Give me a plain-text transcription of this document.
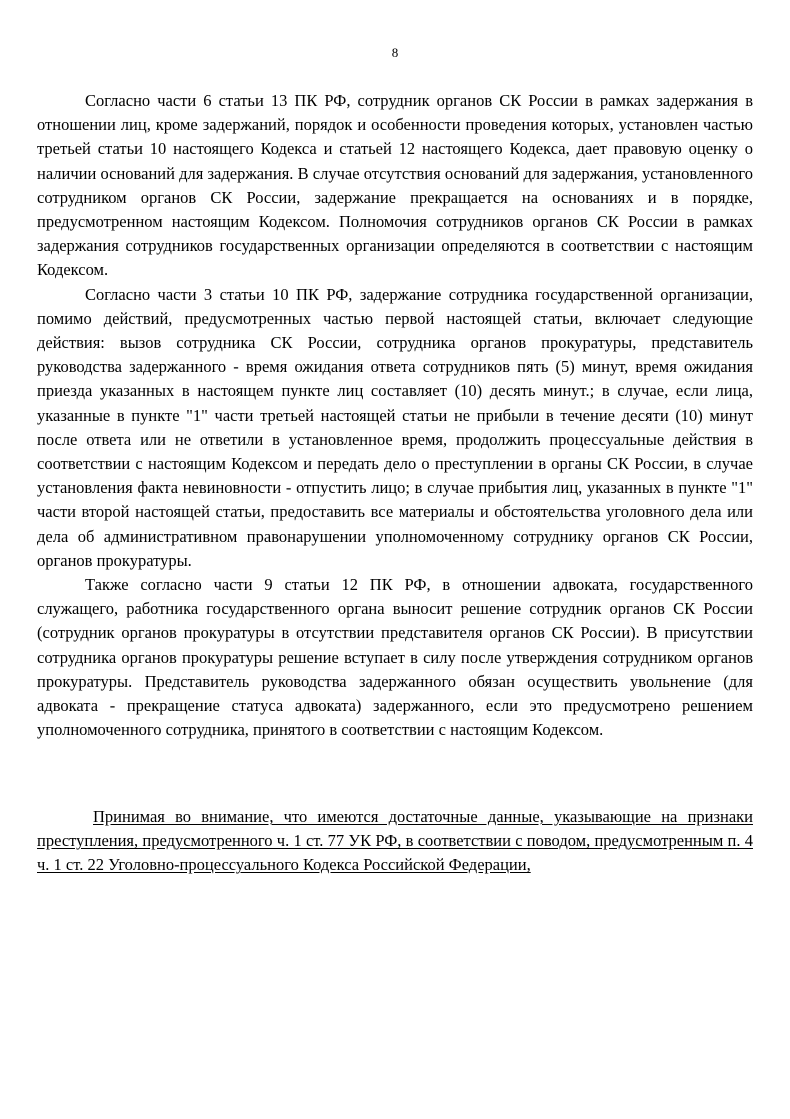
8

Согласно части 6 статьи 13 ПК РФ, сотрудник органов СК России в рамках задержания в отношении лиц, кроме задержаний, порядок и особенности проведения которых, установлен частью третьей статьи 10 настоящего Кодекса и статьей 12 настоящего Кодекса, дает правовую оценку о наличии оснований для задержания. В случае отсутствия оснований для задержания, установленного сотрудником органов СК России, задержание прекращается на основаниях и в порядке, предусмотренном настоящим Кодексом. Полномочия сотрудников органов СК России в рамках задержания сотрудников государственных организации определяются в соответствии с настоящим Кодексом.

Согласно части 3 статьи 10 ПК РФ, задержание сотрудника государственной организации, помимо действий, предусмотренных частью первой настоящей статьи, включает следующие действия: вызов сотрудника СК России, сотрудника органов прокуратуры, представитель руководства задержанного - время ожидания ответа сотрудников пять (5) минут, время ожидания приезда указанных в настоящем пункте лиц составляет (10) десять минут.; в случае, если лица, указанные в пункте "1" части третьей настоящей статьи не прибыли в течение десяти (10) минут после ответа или не ответили в установленное время, продолжить процессуальные действия в соответствии с настоящим Кодексом и передать дело о преступлении в органы СК России, в случае установления факта невиновности - отпустить лицо; в случае прибытия лиц, указанных в пункте "1" части второй настоящей статьи, предоставить все материалы и обстоятельства уголовного дела или дела об административном правонарушении уполномоченному сотруднику органов СК России, органов прокуратуры.

Также согласно части 9 статьи 12 ПК РФ, в отношении адвоката, государственного служащего, работника государственного органа выносит решение сотрудник органов СК России (сотрудник органов прокуратуры в отсутствии представителя органов СК России). В присутствии сотрудника органов прокуратуры решение вступает в силу после утверждения сотрудником органов прокуратуры. Представитель руководства задержанного обязан осуществить увольнение (для адвоката - прекращение статуса адвоката) задержанного, если это предусмотрено решением уполномоченного сотрудника, принятого в соответствии с настоящим Кодексом.

Принимая во внимание, что имеются достаточные данные, указывающие на признаки преступления, предусмотренного ч. 1 ст. 77 УК РФ, в соответствии с поводом, предусмотренным п. 4 ч. 1 ст. 22 Уголовно-процессуального Кодекса Российской Федерации,
